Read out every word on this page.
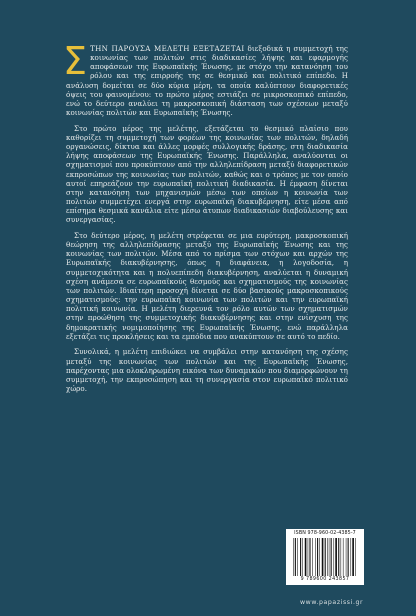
ΣΤΗΝ ΠΑΡΟΥΣΑ ΜΕΛΕΤΗ ΕΞΕΤΑΖΕΤΑΙ διεξοδικά η συμμετοχή της κοινωνίας των πολιτών στις διαδικασίες λήψης και εφαρμογής αποφάσεων της Ευρωπαϊκής Ένωσης, με στόχο την κατανόηση του ρόλου και της επιρροής της σε θεσμικό και πολιτικό επίπεδο. Η ανάλυση δομείται σε δύο κύρια μέρη, τα οποία καλύπτουν διαφορετικές όψεις του φαινομένου: το πρώτο μέρος εστιάζει σε μικροσκοπικό επίπεδο, ενώ το δεύτερο αναλύει τη μακροσκοπική διάσταση των σχέσεων μεταξύ κοινωνίας πολιτών και Ευρωπαϊκής Ένωσης.

Στο πρώτο μέρος της μελέτης, εξετάζεται το θεσμικό πλαίσιο που καθορίζει τη συμμετοχή των φορέων της κοινωνίας των πολιτών, δηλαδή οργανώσεις, δίκτυα και άλλες μορφές συλλογικής δράσης, στη διαδικασία λήψης αποφάσεων της Ευρωπαϊκής Ένωσης. Παράλληλα, αναλύονται οι σχηματισμοί που προκύπτουν από την αλληλεπίδραση μεταξύ διαφορετικών εκπροσώπων της κοινωνίας των πολιτών, καθώς και ο τρόπος με τον οποίο αυτοί επηρεάζουν την ευρωπαϊκή πολιτική διαδικασία. Η έμφαση δίνεται στην κατανόηση των μηχανισμών μέσω των οποίων η κοινωνία των πολιτών συμμετέχει ενεργά στην ευρωπαϊκή διακυβέρνηση, είτε μέσα από επίσημα θεσμικά κανάλια είτε μέσω άτυπων διαδικασιών διαβούλευσης και συνεργασίας.

Στο δεύτερο μέρος, η μελέτη στρέφεται σε μια ευρύτερη, μακροσκοπική θεώρηση της αλληλεπίδρασης μεταξύ της Ευρωπαϊκής Ένωσης και της κοινωνίας των πολιτών. Μέσα από το πρίσμα των στόχων και αρχών της Ευρωπαϊκής διακυβέρνησης, όπως η διαφάνεια, η λογοδοσία, η συμμετοχικότητα και η πολυεπίπεδη διακυβέρνηση, αναλύεται η δυναμική σχέση ανάμεσα σε ευρωπαϊκούς θεσμούς και σχηματισμούς της κοινωνίας των πολιτών. Ιδιαίτερη προσοχή δίνεται σε δύο βασικούς μακροσκοπικούς σχηματισμούς: την ευρωπαϊκή κοινωνία των πολιτών και την ευρωπαϊκή πολιτική κοινωνία. Η μελέτη διερευνά τον ρόλο αυτών των σχηματισμών στην προώθηση της συμμετοχικής διακυβέρνησης και στην ενίσχυση της δημοκρατικής νομιμοποίησης της Ευρωπαϊκής Ένωσης, ενώ παράλληλα εξετάζει τις προκλήσεις και τα εμπόδια που ανακύπτουν σε αυτό το πεδίο.

Συνολικά, η μελέτη επιδιώκει να συμβάλει στην κατανόηση της σχέσης μεταξύ της κοινωνίας των πολιτών και της Ευρωπαϊκής Ένωσης, παρέχοντας μια ολοκληρωμένη εικόνα των δυναμικών που διαμορφώνουν τη συμμετοχή, την εκπροσώπηση και τη συνεργασία στον ευρωπαϊκό πολιτικό χώρο.

ISBN 978-960-02-4385-7
9 789600 243857
www.papazissi.gr
